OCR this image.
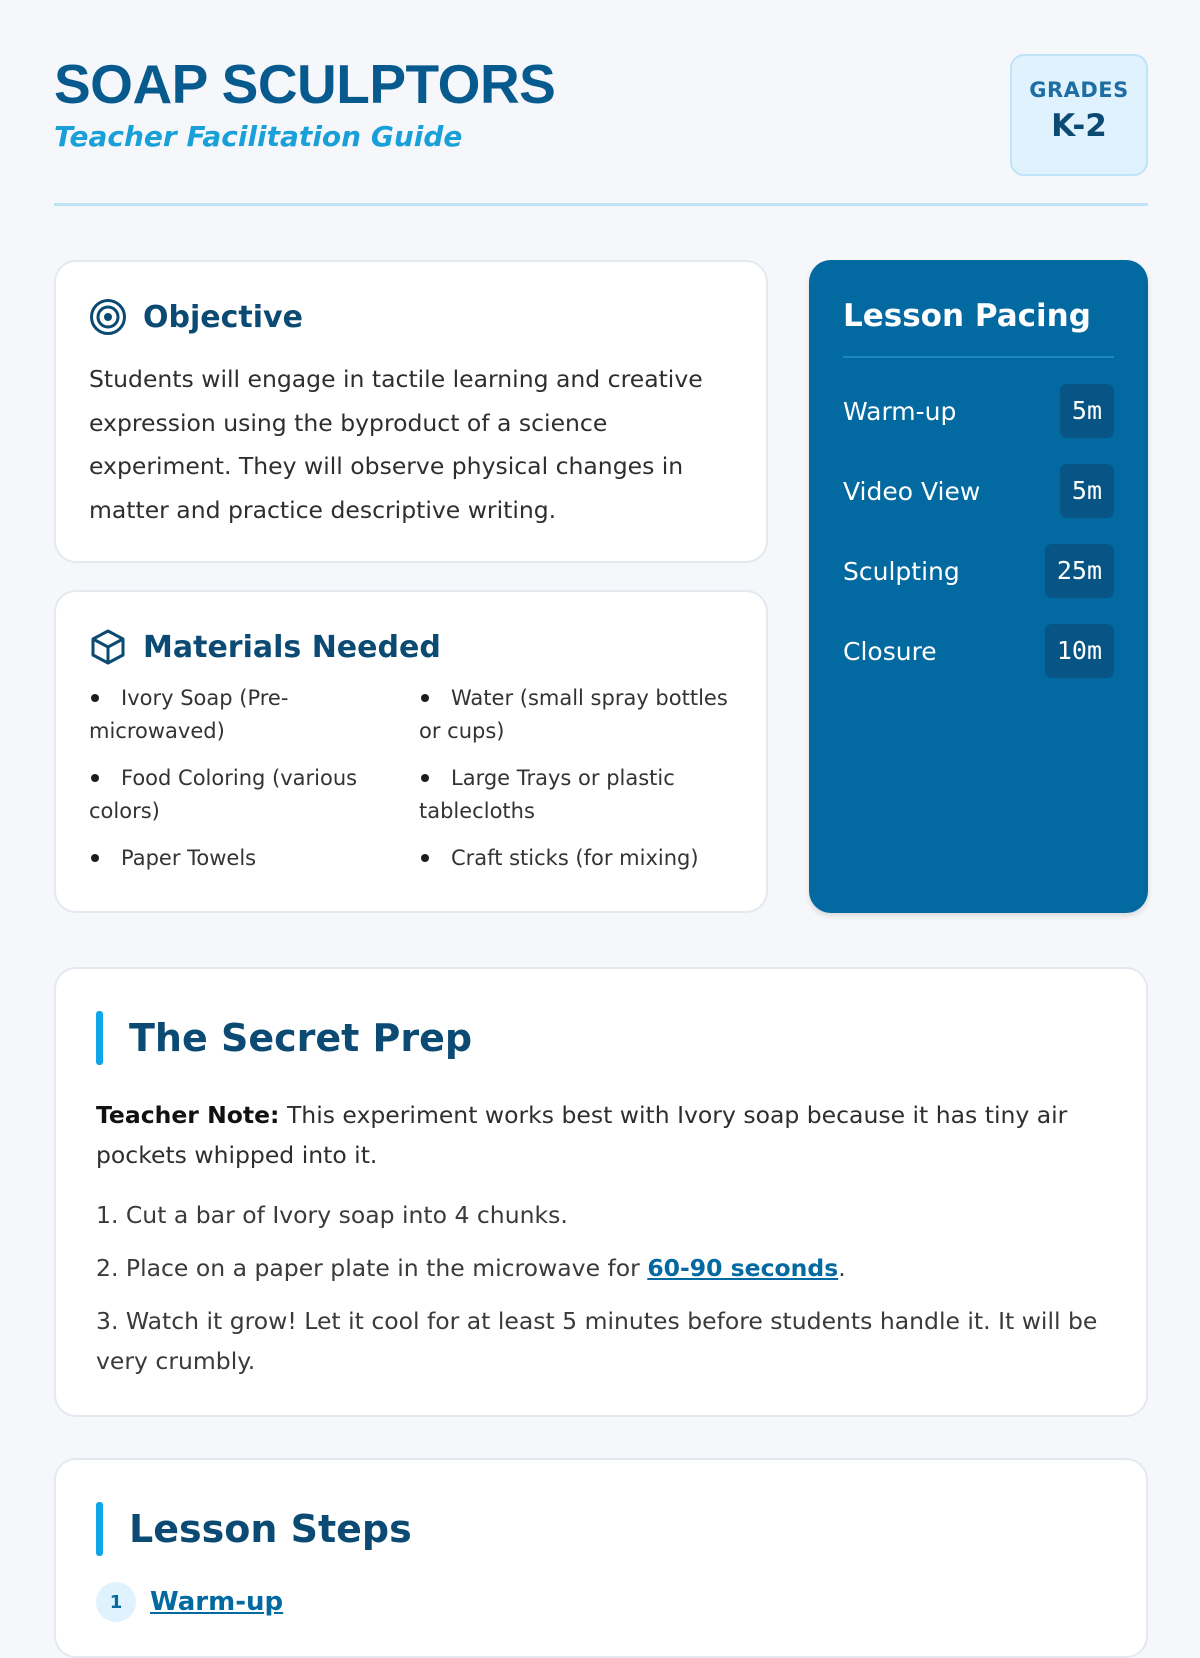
SOAP SCULPTORS
Teacher Facilitation Guide
GRADES
K-2
Objective

Students will engage in tactile learning and creative expression using the byproduct of a science experiment. They will observe physical changes in matter and practice descriptive writing.

Materials Needed
Ivory Soap (Pre-microwaved)
Water (small spray bottles or cups)
Food Coloring (various colors)
Large Trays or plastic tablecloths
Paper Towels	Craft sticks (for mixing)
Lesson Pacing
Warm-up	5m
Video View	5m
Sculpting	25m
Closure	10m
The Secret Prep

Teacher Note: This experiment works best with Ivory soap because it has tiny air pockets whipped into it.

1. Cut a bar of Ivory soap into 4 chunks.
2. Place on a paper plate in the microwave for 60-90 seconds.
3. Watch it grow! Let it cool for at least 5 minutes before students handle it. It will be very crumbly.
Lesson Steps
1	Warm-up
